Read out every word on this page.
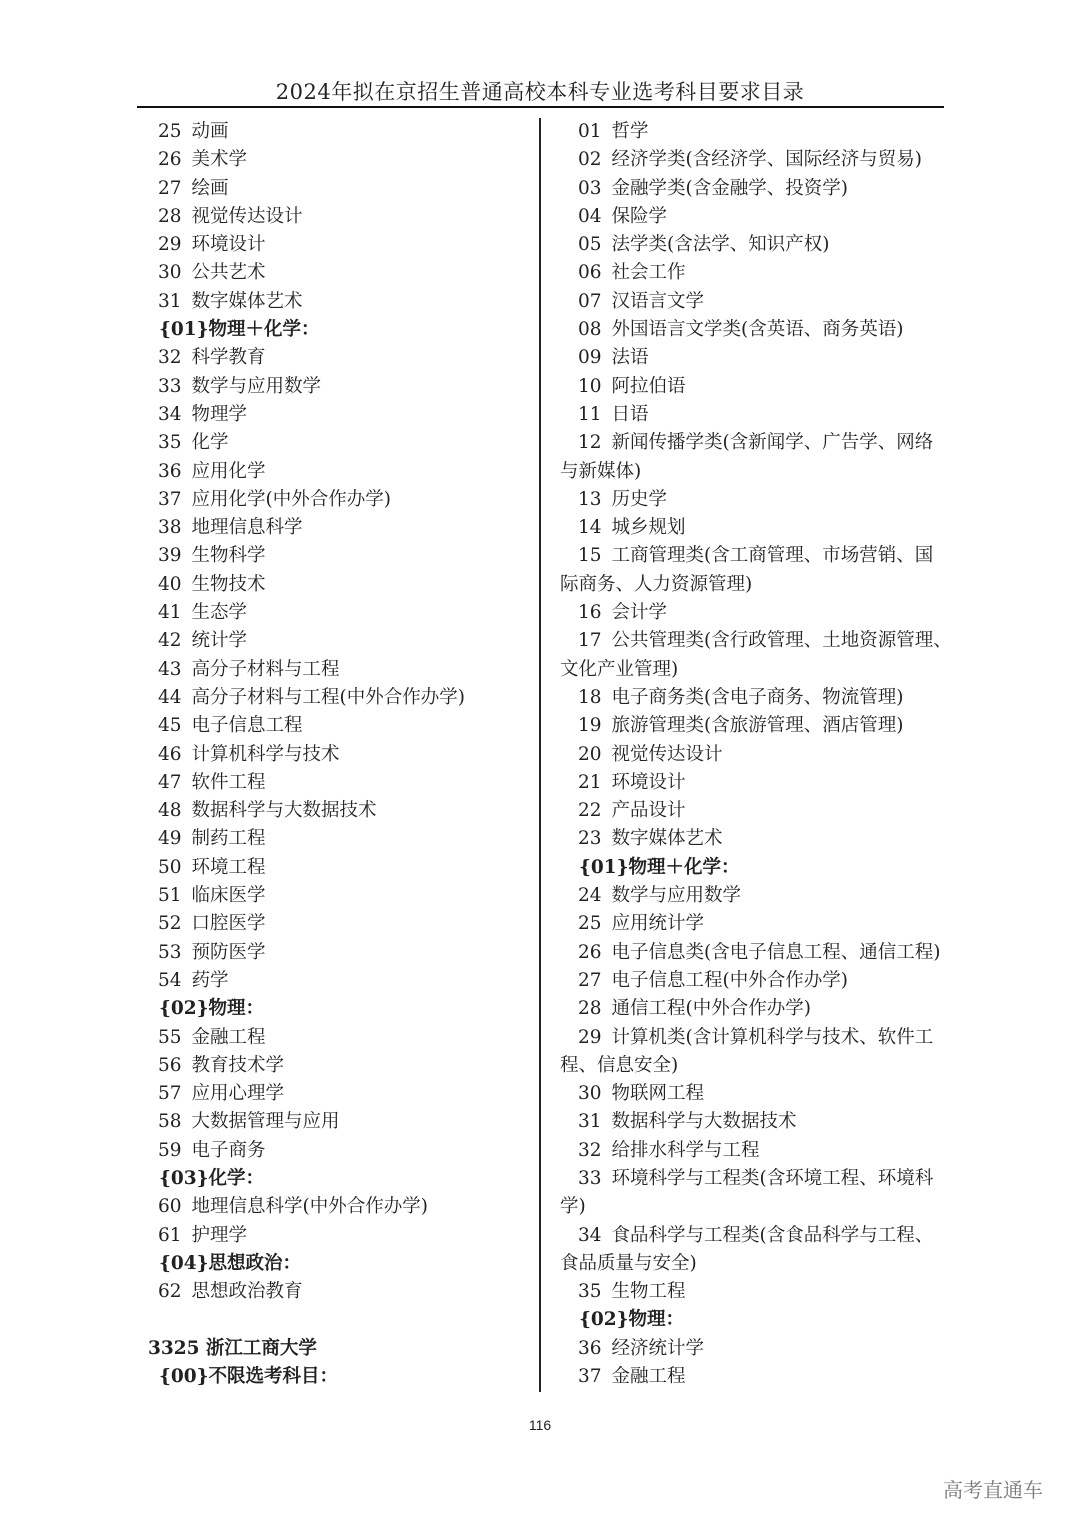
2024年拟在京招生普通高校本科专业选考科目要求目录
25 动画
26 美术学
27 绘画
28 视觉传达设计
29 环境设计
30 公共艺术
31 数字媒体艺术
{01}物理＋化学：
32 科学教育
33 数学与应用数学
34 物理学
35 化学
36 应用化学
37 应用化学(中外合作办学)
38 地理信息科学
39 生物科学
40 生物技术
41 生态学
42 统计学
43 高分子材料与工程
44 高分子材料与工程(中外合作办学)
45 电子信息工程
46 计算机科学与技术
47 软件工程
48 数据科学与大数据技术
49 制药工程
50 环境工程
51 临床医学
52 口腔医学
53 预防医学
54 药学
{02}物理：
55 金融工程
56 教育技术学
57 应用心理学
58 大数据管理与应用
59 电子商务
{03}化学：
60 地理信息科学(中外合作办学)
61 护理学
{04}思想政治：
62 思想政治教育
3325 浙江工商大学
{00}不限选考科目：
01 哲学
02 经济学类(含经济学、国际经济与贸易)
03 金融学类(含金融学、投资学)
04 保险学
05 法学类(含法学、知识产权)
06 社会工作
07 汉语言文学
08 外国语言文学类(含英语、商务英语)
09 法语
10 阿拉伯语
11 日语
12 新闻传播学类(含新闻学、广告学、网络
与新媒体)
13 历史学
14 城乡规划
15 工商管理类(含工商管理、市场营销、国
际商务、人力资源管理)
16 会计学
17 公共管理类(含行政管理、土地资源管理、
文化产业管理)
18 电子商务类(含电子商务、物流管理)
19 旅游管理类(含旅游管理、酒店管理)
20 视觉传达设计
21 环境设计
22 产品设计
23 数字媒体艺术
{01}物理＋化学：
24 数学与应用数学
25 应用统计学
26 电子信息类(含电子信息工程、通信工程)
27 电子信息工程(中外合作办学)
28 通信工程(中外合作办学)
29 计算机类(含计算机科学与技术、软件工
程、信息安全)
30 物联网工程
31 数据科学与大数据技术
32 给排水科学与工程
33 环境科学与工程类(含环境工程、环境科
学)
34 食品科学与工程类(含食品科学与工程、
食品质量与安全)
35 生物工程
{02}物理：
36 经济统计学
37 金融工程
116
高考直通车
